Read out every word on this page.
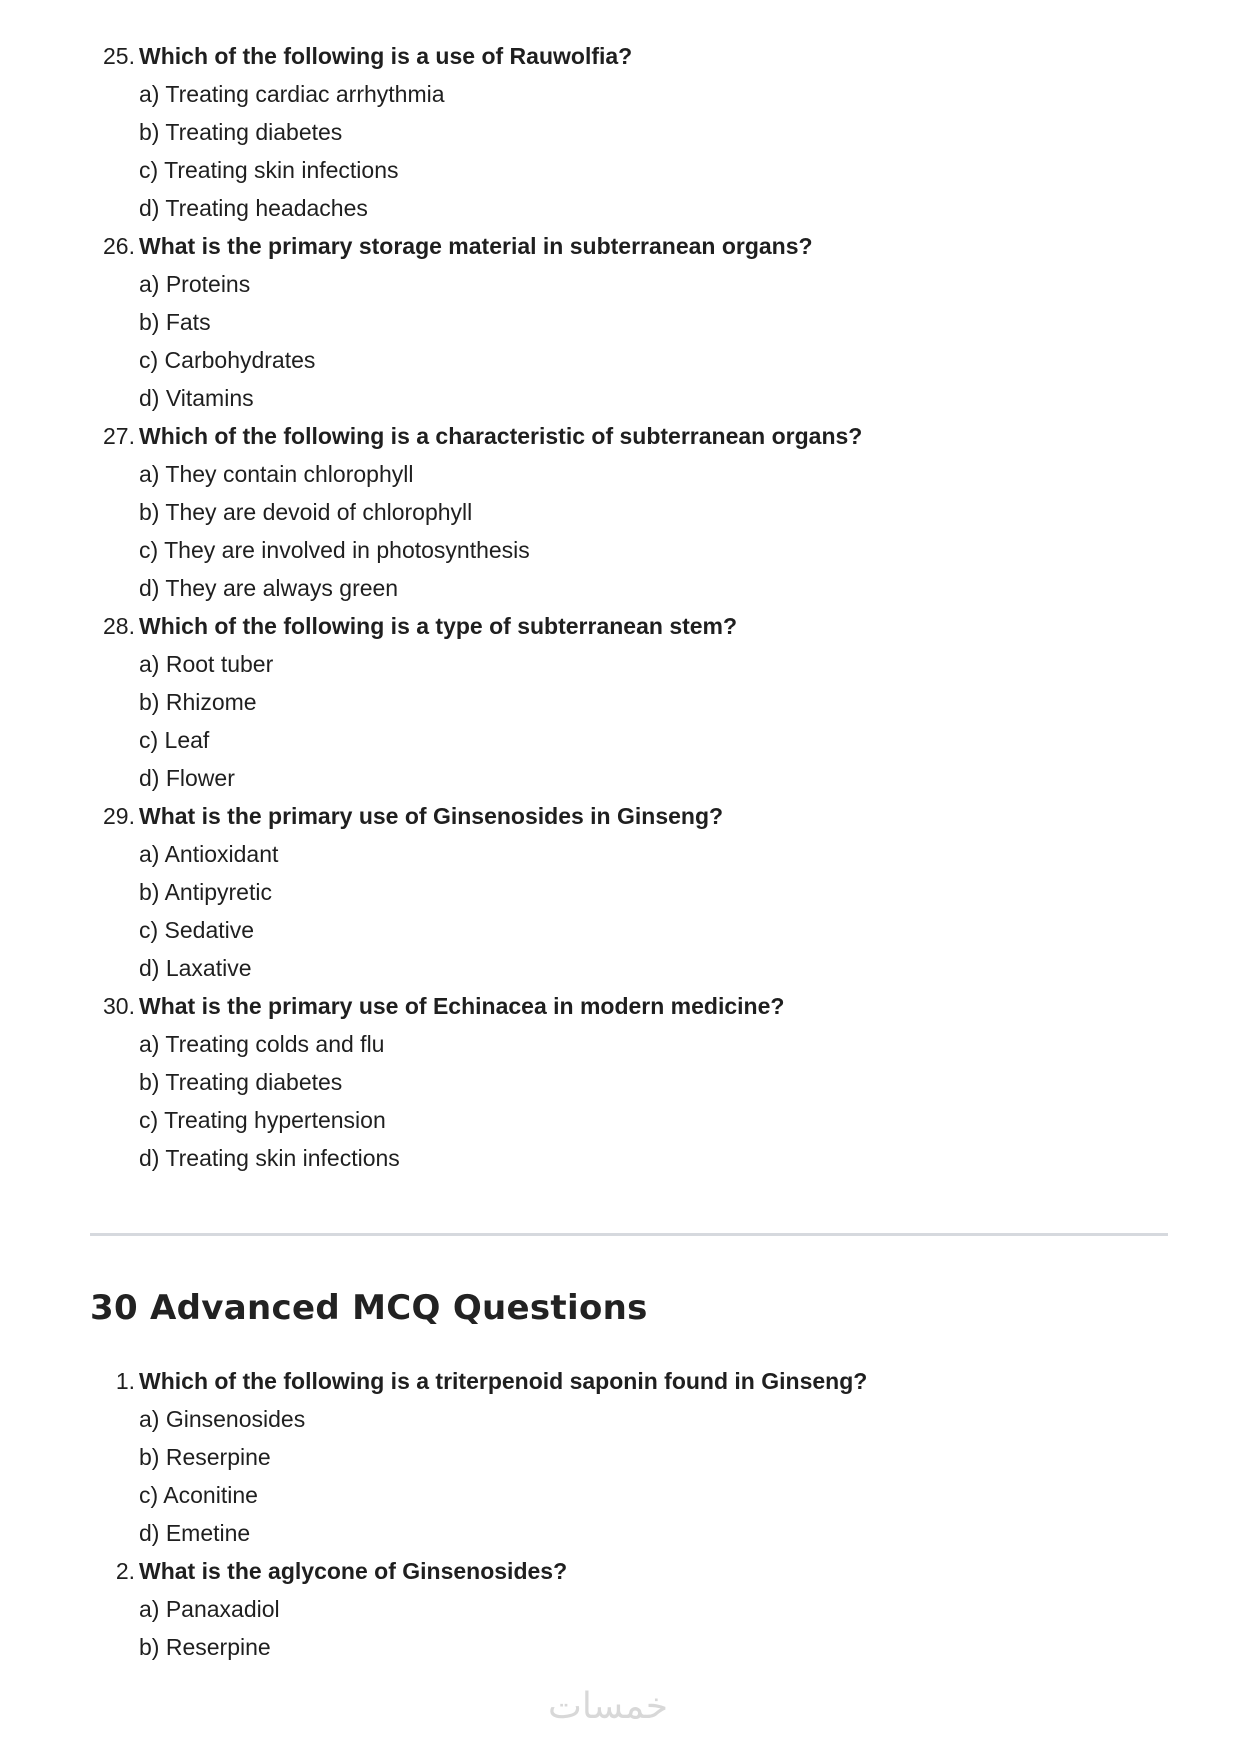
25. Which of the following is a use of Rauwolfia?
a) Treating cardiac arrhythmia
b) Treating diabetes
c) Treating skin infections
d) Treating headaches
26. What is the primary storage material in subterranean organs?
a) Proteins
b) Fats
c) Carbohydrates
d) Vitamins
27. Which of the following is a characteristic of subterranean organs?
a) They contain chlorophyll
b) They are devoid of chlorophyll
c) They are involved in photosynthesis
d) They are always green
28. Which of the following is a type of subterranean stem?
a) Root tuber
b) Rhizome
c) Leaf
d) Flower
29. What is the primary use of Ginsenosides in Ginseng?
a) Antioxidant
b) Antipyretic
c) Sedative
d) Laxative
30. What is the primary use of Echinacea in modern medicine?
a) Treating colds and flu
b) Treating diabetes
c) Treating hypertension
d) Treating skin infections
30 Advanced MCQ Questions
1. Which of the following is a triterpenoid saponin found in Ginseng?
a) Ginsenosides
b) Reserpine
c) Aconitine
d) Emetine
2. What is the aglycone of Ginsenosides?
a) Panaxadiol
b) Reserpine
خمسات
